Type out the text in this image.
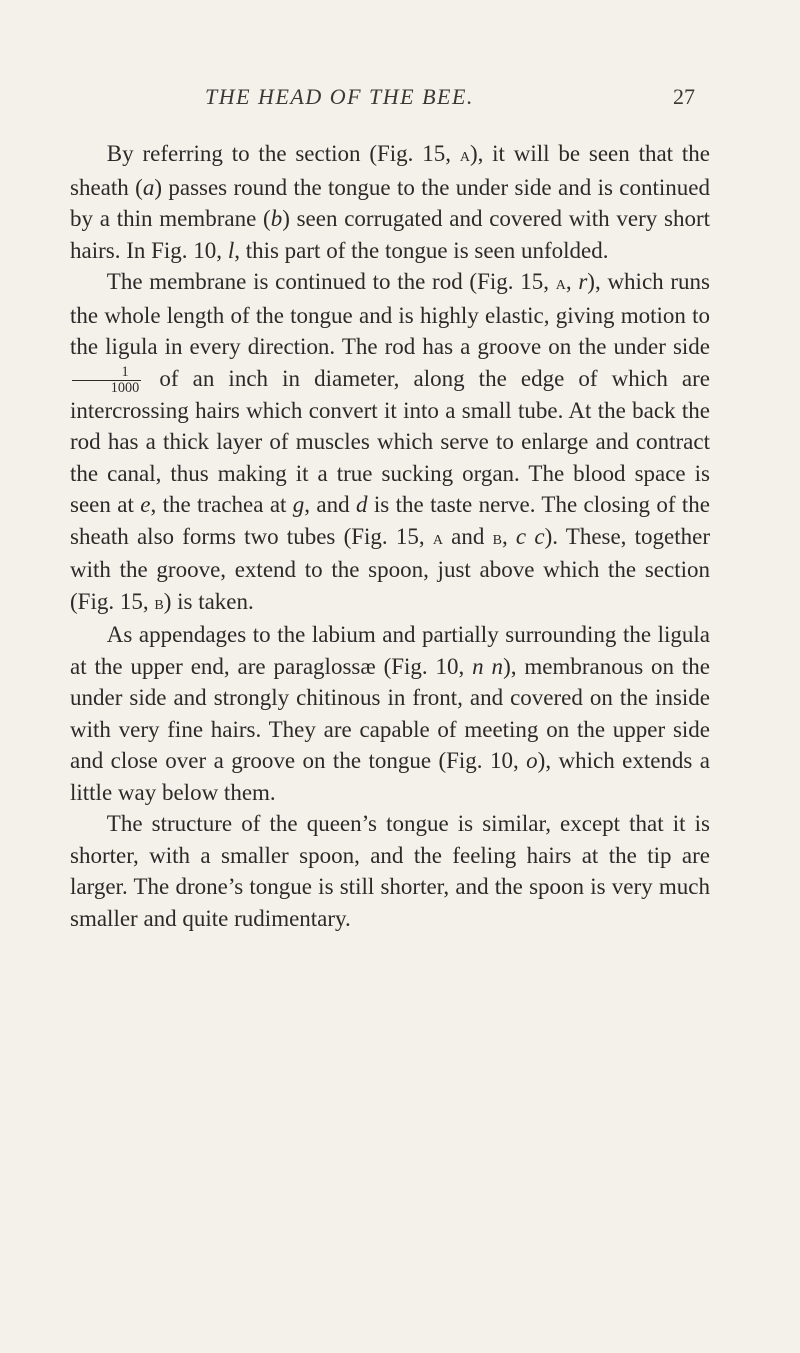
THE HEAD OF THE BEE.	27

By referring to the section (Fig. 15, a), it will be seen that the sheath (a) passes round the tongue to the under side and is continued by a thin membrane (b) seen corrugated and covered with very short hairs. In Fig. 10, l, this part of the tongue is seen unfolded.

The membrane is continued to the rod (Fig. 15, a, r), which runs the whole length of the tongue and is highly elastic, giving motion to the ligula in every direction. The rod has a groove on the under side
$\frac{1}{1000}$ of an inch in diameter, along the edge of which are intercrossing hairs which convert it into a small tube. At the back the rod has a thick layer of muscles which serve to enlarge and contract the canal, thus making it a true sucking organ. The blood space is seen at e, the trachea at g, and d is the taste nerve. The closing of the sheath also forms two tubes (Fig. 15, a and b, c c). These, together with the groove, extend to the spoon, just above which the section (Fig. 15, b) is taken.

As appendages to the labium and partially surrounding the ligula at the upper end, are paraglossæ (Fig. 10, n n), membranous on the under side and strongly chitinous in front, and covered on the inside with very fine hairs. They are capable of meeting on the upper side and close over a groove on the tongue (Fig. 10, o), which extends a little way below them.

The structure of the queen’s tongue is similar, except that it is shorter, with a smaller spoon, and the feeling hairs at the tip are larger. The drone’s tongue is still shorter, and the spoon is very much smaller and quite rudimentary.
